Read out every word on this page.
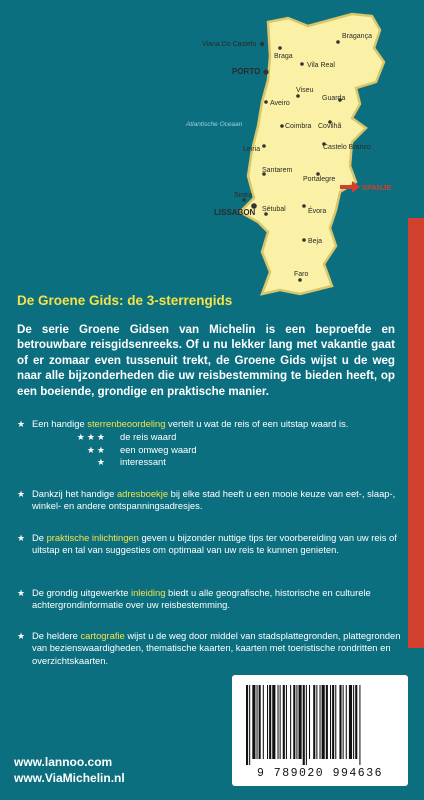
Atlantische Oceaan
Viana Do Castelo
Bragança
Braga
PORTO
Vila Real
Viseu
Aveiro
Guarda
Coimbra Covilhã
Leiria	Castelo Branco
Santarem
Portalegre
Sintra
LISSABON Sétubal	Évora
Beja
Faro
SPANJE
De Groene Gids: de 3-sterrengids
De serie Groene Gidsen van Michelin is een beproefde en betrouwbare reisgidsenreeks. Of u nu lekker lang met vakantie gaat of er zomaar even tussenuit trekt, de Groene Gids wijst u de weg naar alle bijzonderheden die uw reisbestemming te bieden heeft, op een boeiende, grondige en praktische manier.
★ Een handige sterrenbeoordeling vertelt u wat de reis of een uitstap waard is.
★★★	de reis waard
★★	een omweg waard
★	interessant
★ Dankzij het handige adresboekje bij elke stad heeft u een mooie keuze van eet-, slaap-, winkel- en andere ontspanningsadresjes.
★ De praktische inlichtingen geven u bijzonder nuttige tips ter voorbereiding van uw reis of uitstap en tal van suggesties om optimaal van uw reis te kunnen genieten.
★ De grondig uitgewerkte inleiding biedt u alle geografische, historische en culturele achtergrondinformatie over uw reisbestemming.
★ De heldere cartografie wijst u de weg door middel van stadsplattegronden, plattegronden van bezienswaardigheden, thematische kaarten, kaarten met toeristische rondritten en overzichtskaarten.
9 789020 994636
www.lannoo.com
www.ViaMichelin.nl
